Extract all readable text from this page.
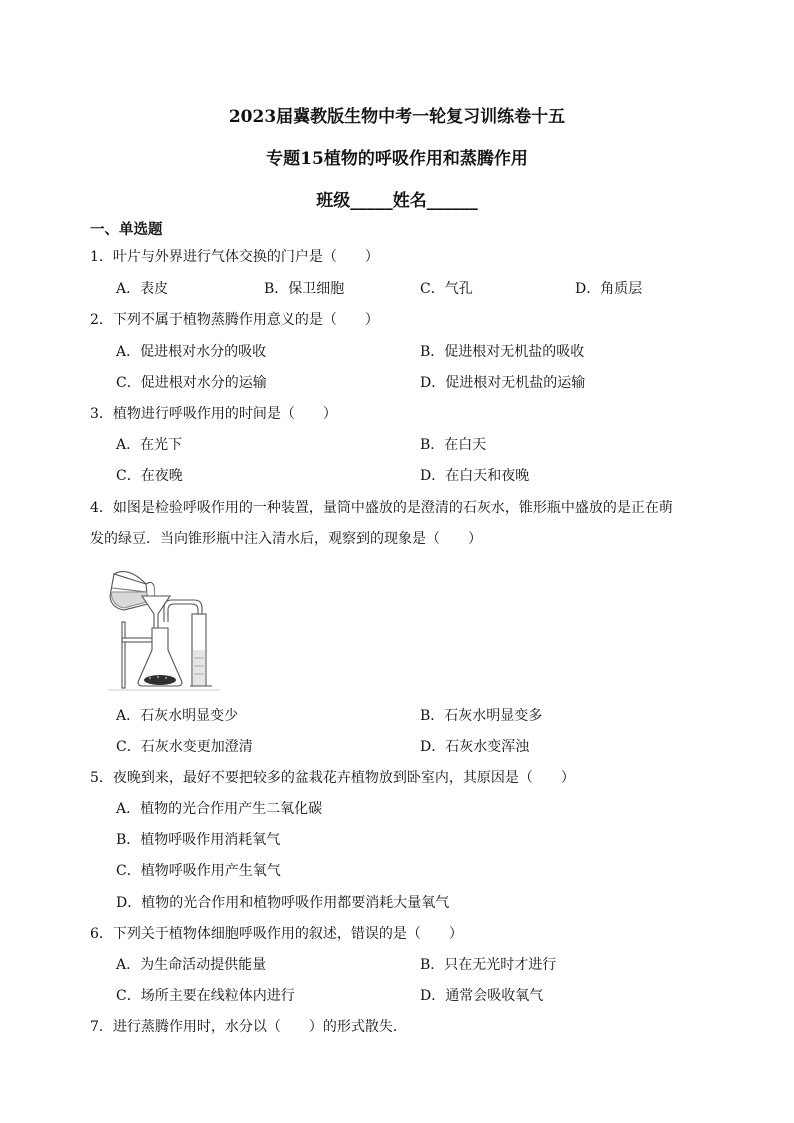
2023届冀教版生物中考一轮复习训练卷十五
专题15植物的呼吸作用和蒸腾作用
班级_____姓名______
一、单选题
1．叶片与外界进行气体交换的门户是（　　）
A．表皮	B．保卫细胞	C．气孔	D．角质层
2．下列不属于植物蒸腾作用意义的是（　　）
A．促进根对水分的吸收	B．促进根对无机盐的吸收
C．促进根对水分的运输	D．促进根对无机盐的运输
3．植物进行呼吸作用的时间是（　　）
A．在光下	B．在白天
C．在夜晚	D．在白天和夜晚
4．如图是检验呼吸作用的一种装置，量筒中盛放的是澄清的石灰水，锥形瓶中盛放的是正在萌
发的绿豆．当向锥形瓶中注入清水后，观察到的现象是（　　）
A．石灰水明显变少	B．石灰水明显变多
C．石灰水变更加澄清	D．石灰水变浑浊
5．夜晚到来，最好不要把较多的盆栽花卉植物放到卧室内，其原因是（　　）
A．植物的光合作用产生二氧化碳
B．植物呼吸作用消耗氧气
C．植物呼吸作用产生氧气
D．植物的光合作用和植物呼吸作用都要消耗大量氧气
6．下列关于植物体细胞呼吸作用的叙述，错误的是（　　）
A．为生命活动提供能量	B．只在无光时才进行
C．场所主要在线粒体内进行	D．通常会吸收氧气
7．进行蒸腾作用时，水分以（　　）的形式散失．
